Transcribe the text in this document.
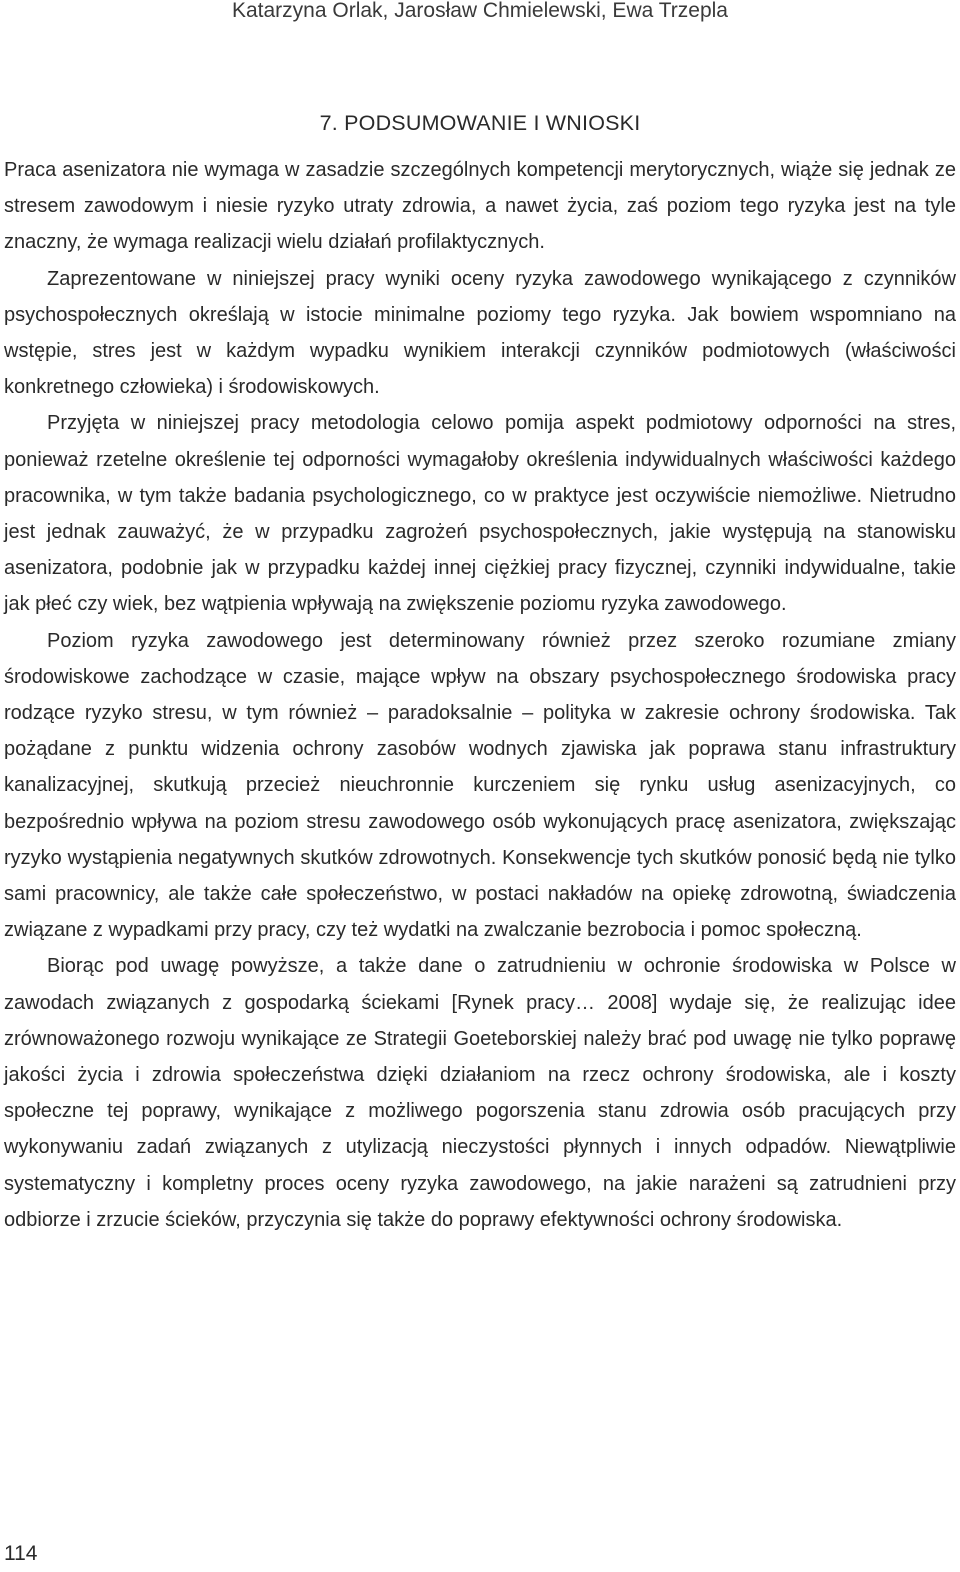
Katarzyna Orlak, Jarosław Chmielewski, Ewa Trzepla
7. PODSUMOWANIE I WNIOSKI

Praca asenizatora nie wymaga w zasadzie szczególnych kompetencji merytorycznych, wiąże się jednak ze stresem zawodowym i niesie ryzyko utraty zdrowia, a nawet życia, zaś poziom tego ryzyka jest na tyle znaczny, że wymaga realizacji wielu działań profilaktycznych.

Zaprezentowane w niniejszej pracy wyniki oceny ryzyka zawodowego wynikającego z czynników psychospołecznych określają w istocie minimalne poziomy tego ryzyka. Jak bowiem wspomniano na wstępie, stres jest w każdym wypadku wynikiem interakcji czynników podmiotowych (właściwości konkretnego człowieka) i środowiskowych.

Przyjęta w niniejszej pracy metodologia celowo pomija aspekt podmiotowy odporności na stres, ponieważ rzetelne określenie tej odporności wymagałoby określenia indywidualnych właściwości każdego pracownika, w tym także badania psychologicznego, co w praktyce jest oczywiście niemożliwe. Nietrudno jest jednak zauważyć, że w przypadku zagrożeń psychospołecznych, jakie występują na stanowisku asenizatora, podobnie jak w przypadku każdej innej ciężkiej pracy fizycznej, czynniki indywidualne, takie jak płeć czy wiek, bez wątpienia wpływają na zwiększenie poziomu ryzyka zawodowego.

Poziom ryzyka zawodowego jest determinowany również przez szeroko rozumiane zmiany środowiskowe zachodzące w czasie, mające wpływ na obszary psychospołecznego środowiska pracy rodzące ryzyko stresu, w tym również – paradoksalnie – polityka w zakresie ochrony środowiska. Tak pożądane z punktu widzenia ochrony zasobów wodnych zjawiska jak poprawa stanu infrastruktury kanalizacyjnej, skutkują przecież nieuchronnie kurczeniem się rynku usług asenizacyjnych, co bezpośrednio wpływa na poziom stresu zawodowego osób wykonujących pracę asenizatora, zwiększając ryzyko wystąpienia negatywnych skutków zdrowotnych. Konsekwencje tych skutków ponosić będą nie tylko sami pracownicy, ale także całe społeczeństwo, w postaci nakładów na opiekę zdrowotną, świadczenia związane z wypadkami przy pracy, czy też wydatki na zwalczanie bezrobocia i pomoc społeczną.

Biorąc pod uwagę powyższe, a także dane o zatrudnieniu w ochronie środowiska w Polsce w zawodach związanych z gospodarką ściekami [Rynek pracy… 2008] wydaje się, że realizując idee zrównoważonego rozwoju wynikające ze Strategii Goeteborskiej należy brać pod uwagę nie tylko poprawę jakości życia i zdrowia społeczeństwa dzięki działaniom na rzecz ochrony środowiska, ale i koszty społeczne tej poprawy, wynikające z możliwego pogorszenia stanu zdrowia osób pracujących przy wykonywaniu zadań związanych z utylizacją nieczystości płynnych i innych odpadów. Niewątpliwie systematyczny i kompletny proces oceny ryzyka zawodowego, na jakie narażeni są zatrudnieni przy odbiorze i zrzucie ścieków, przyczynia się także do poprawy efektywności ochrony środowiska.

114
